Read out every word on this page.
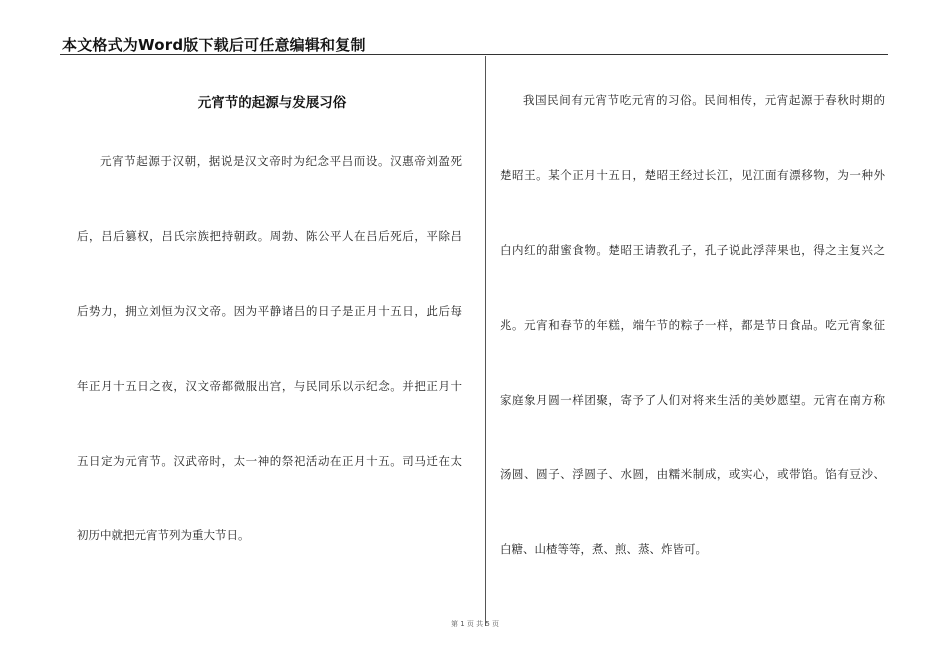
本文格式为Word版下载后可任意编辑和复制
元宵节的起源与发展习俗
元宵节起源于汉朝，据说是汉文帝时为纪念平吕而设。汉惠帝刘盈死
后，吕后篡权，吕氏宗族把持朝政。周勃、陈公平人在吕后死后，平除吕
后势力，拥立刘恒为汉文帝。因为平静诸吕的日子是正月十五日，此后每
年正月十五日之夜，汉文帝都微服出宫，与民同乐以示纪念。并把正月十
五日定为元宵节。汉武帝时，太一神的祭祀活动在正月十五。司马迁在太
初历中就把元宵节列为重大节日。
我国民间有元宵节吃元宵的习俗。民间相传，元宵起源于春秋时期的
楚昭王。某个正月十五日，楚昭王经过长江，见江面有漂移物，为一种外
白内红的甜蜜食物。楚昭王请教孔子，孔子说此浮萍果也，得之主复兴之
兆。元宵和春节的年糕，端午节的粽子一样，都是节日食品。吃元宵象征
家庭象月圆一样团聚，寄予了人们对将来生活的美妙愿望。元宵在南方称
汤圆、圆子、浮圆子、水圆，由糯米制成，或实心，或带馅。馅有豆沙、
白糖、山楂等等，煮、煎、蒸、炸皆可。
第 1 页 共 5 页
